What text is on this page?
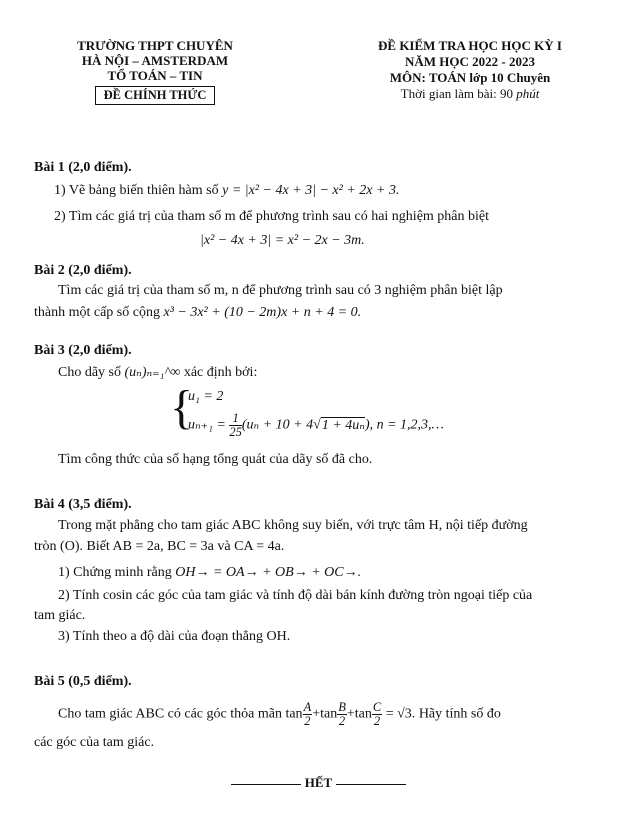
TRƯỜNG THPT CHUYÊN
HÀ NỘI – AMSTERDAM
TỔ TOÁN – TIN
ĐỀ CHÍNH THỨC
ĐỀ KIỂM TRA HỌC HỌC KỲ I
NĂM HỌC 2022 - 2023
MÔN: TOÁN lớp 10 Chuyên
Thời gian làm bài: 90 phút
Bài 1 (2,0 điểm).
1) Vẽ bảng biến thiên hàm số y = |x² − 4x + 3| − x² + 2x + 3.
2) Tìm các giá trị của tham số m để phương trình sau có hai nghiệm phân biệt
|x² − 4x + 3| = x² − 2x − 3m.
Bài 2 (2,0 điểm).
Tìm các giá trị của tham số m, n để phương trình sau có 3 nghiệm phân biệt lập
thành một cấp số cộng x³ − 3x² + (10 − 2m)x + n + 4 = 0.
Bài 3 (2,0 điểm).
Cho dãy số (uₙ)ₙ₌₁^∞ xác định bởi:
{
u₁ = 2
$u_{n+1} = \frac{1}{25} (u_n + 10 + 4√1 + 4u_n)$, n = 1,2,3,…
Tìm công thức của số hạng tổng quát của dãy số đã cho.
Bài 4 (3,5 điểm).
Trong mặt phẳng cho tam giác ABC không suy biến, với trực tâm H, nội tiếp đường
tròn (O). Biết AB = 2a, BC = 3a và CA = 4a.
1) Chứng minh rằng OH→ = OA→ + OB→ + OC→.
2) Tính cosin các góc của tam giác và tính độ dài bán kính đường tròn ngoại tiếp của
tam giác.
3) Tính theo a độ dài của đoạn thẳng OH.
Bài 5 (0,5 điểm).
Cho tam giác ABC có các góc thỏa mãn $\tan \frac{A}{2} +\tan \frac{B}{2} +\tan \frac{C}{2} = √3$. Hãy tính số đo
các góc của tam giác.
HẾT
